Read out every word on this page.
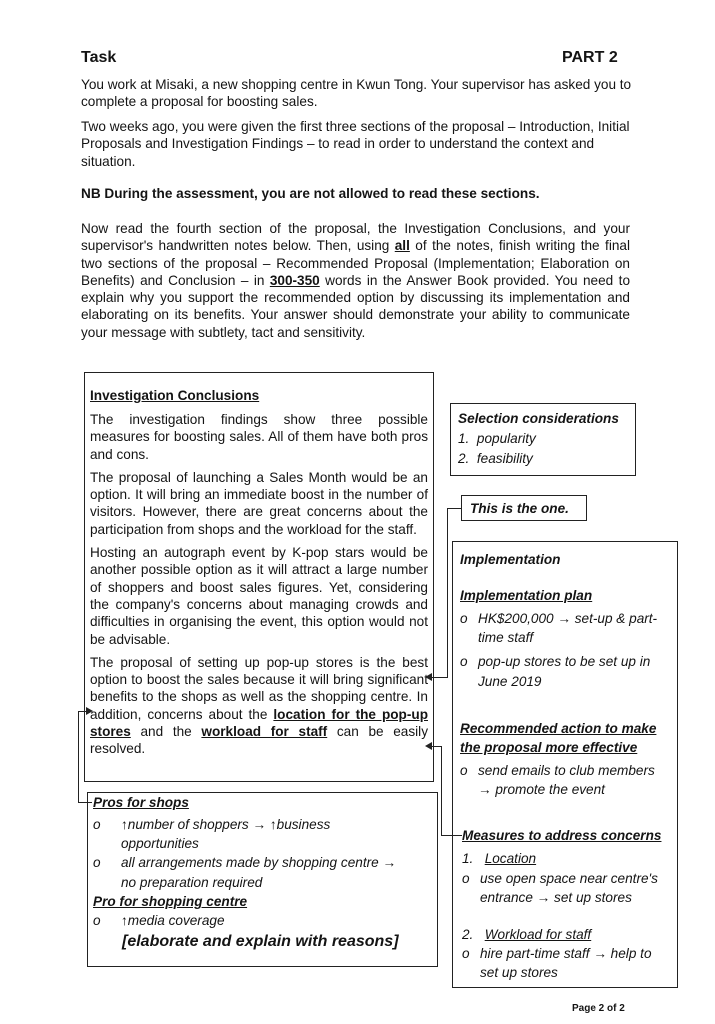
Task	PART 2

You work at Misaki, a new shopping centre in Kwun Tong. Your supervisor has asked you to complete a proposal for boosting sales.

Two weeks ago, you were given the first three sections of the proposal – Introduction, Initial Proposals and Investigation Findings – to read in order to understand the context and situation.

NB During the assessment, you are not allowed to read these sections.

Now read the fourth section of the proposal, the Investigation Conclusions, and your supervisor's handwritten notes below. Then, using all of the notes, finish writing the final two sections of the proposal – Recommended Proposal (Implementation; Elaboration on Benefits) and Conclusion – in 300-350 words in the Answer Book provided. You need to explain why you support the recommended option by discussing its implementation and elaborating on its benefits. Your answer should demonstrate your ability to communicate your message with subtlety, tact and sensitivity.

Investigation Conclusions

The investigation findings show three possible measures for boosting sales. All of them have both pros and cons.

The proposal of launching a Sales Month would be an option. It will bring an immediate boost in the number of visitors. However, there are great concerns about the participation from shops and the workload for the staff.

Hosting an autograph event by K-pop stars would be another possible option as it will attract a large number of shoppers and boost sales figures. Yet, considering the company's concerns about managing crowds and difficulties in organising the event, this option would not be advisable.

The proposal of setting up pop-up stores is the best option to boost the sales because it will bring significant benefits to the shops as well as the shopping centre. In addition, concerns about the location for the pop-up stores and the workload for staff can be easily resolved.

Selection considerations
1. popularity
2. feasibility
This is the one.
Implementation
Implementation plan
o HK$200,000 → set-up & part-time staff
o pop-up stores to be set up in June 2019
Recommended action to make the proposal more effective
o send emails to club members → promote the event
Measures to address concerns
1. Location
o use open space near centre's entrance → set up stores
2. Workload for staff
o hire part-time staff → help to set up stores
Pros for shops
o	↑number of shoppers → ↑business opportunities
o	all arrangements made by shopping centre → no preparation required
Pro for shopping centre
o	↑media coverage
[elaborate and explain with reasons]
Page 2 of 2
